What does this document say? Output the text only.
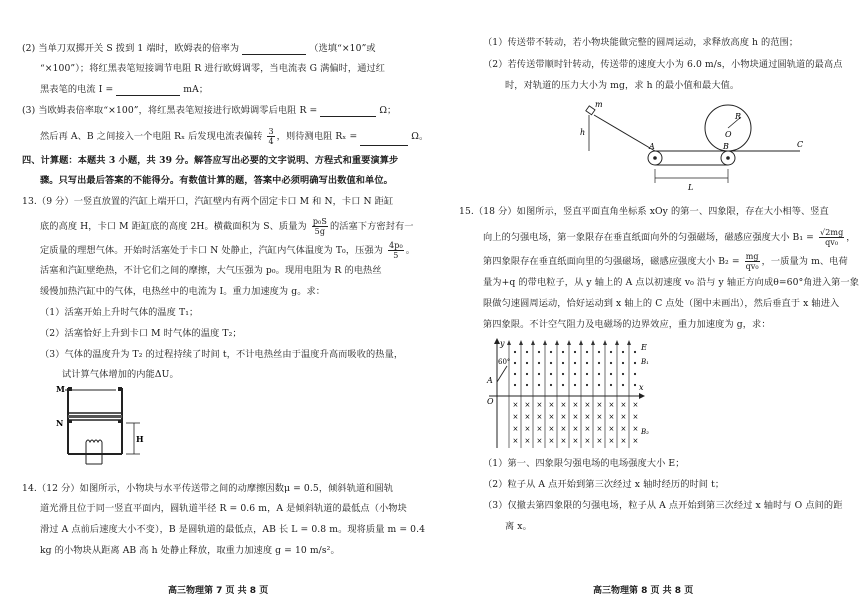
(2) 当单刀双掷开关 S 拨到 1 端时，欧姆表的倍率为	（选填“×10”或
“×100”）；将红黑表笔短接调节电阻 R 进行欧姆调零，当电流表 G 满偏时，通过红
黑表笔的电流 I =	mA；
(3) 当欧姆表倍率取“×100”，将红黑表笔短接进行欧姆调零后电阻 R =	Ω；
然后再 A、B 之间接入一个电阻 Rₓ 后发现电流表偏转 $\frac{3}{4}$ ，则待测电阻 Rₓ =	Ω。
四、计算题：本题共 3 小题，共 39 分。解答应写出必要的文字说明、方程式和重要演算步
骤。只写出最后答案的不能得分。有数值计算的题，答案中必须明确写出数值和单位。
13.（9 分）一竖直放置的汽缸上端开口，汽缸壁内有两个固定卡口 M 和 N，卡口 N 距缸
底的高度 H，卡口 M 距缸底的高度 2H。横截面积为 S、质量为 $\frac{\text{p₀S}}{5g}$ 的活塞下方密封有一
定质量的理想气体。开始时活塞处于卡口 N 处静止，汽缸内气体温度为 T₀，压强为 $\frac{\text{4p₀}}{5}$ 。
活塞和汽缸壁绝热，不计它们之间的摩擦，大气压强为 p₀。现用电阻为 R 的电热丝
缓慢加热汽缸中的气体，电热丝中的电流为 I。重力加速度为 g。求：
（1）活塞开始上升时气体的温度 T₁；
（2）活塞恰好上升到卡口 M 时气体的温度 T₂；
（3）气体的温度升为 T₂ 的过程持续了时间 t，不计电热丝由于温度升高而吸收的热量，
试计算气体增加的内能ΔU。
M
N
H
14.（12 分）如图所示，小物块与水平传送带之间的动摩擦因数μ = 0.5，倾斜轨道和圆轨
道光滑且位于同一竖直平面内，圆轨道半径 R = 0.6 m，A 是倾斜轨道的最低点（小物块
滑过 A 点前后速度大小不变），B 是圆轨道的最低点，AB 长 L = 0.8 m。现将质量 m = 0.4
kg 的小物块从距离 AB 高 h 处静止释放，取重力加速度 g = 10 m/s²。
高三物理第 7 页 共 8 页
（1）传送带不转动，若小物块能做完整的圆周运动，求释放高度 h 的范围；
（2）若传送带顺时针转动，传送带的速度大小为 6.0 m/s，小物块通过圆轨道的最高点
时，对轨道的压力大小为 mg，求 h 的最小值和最大值。
m
h
A	B	C
R
O
L
15.（18 分）如图所示，竖直平面直角坐标系 xOy 的第一、四象限，存在大小相等、竖直
向上的匀强电场，第一象限存在垂直纸面向外的匀强磁场，磁感应强度大小 $B_1 = \frac{√2mg}{\text{qv₀}}$ ，
第四象限存在垂直纸面向里的匀强磁场，磁感应强度大小 $B_2 = \frac{mg}{\text{qv₀}}$ ，一质量为 m、电荷
量为+q 的带电粒子，从 y 轴上的 A 点以初速度 v₀ 沿与 y 轴正方向成θ=60°角进入第一象
限做匀速圆周运动，恰好运动到 x 轴上的 C 点处（图中未画出），然后垂直于 x 轴进入
第四象限。不计空气阻力及电磁场的边界效应，重力加速度为 g，求：
y
x
O
A
60°
E
B₁
B₂
×
×
×
×
×
×
×
×
×
×
×
×
×
×
×
×
×
×
×
×
×
×
×
×
×
×
×
×
×
×
×
×
×
×
×
×
×
×
×
×
×
×
×
×
（1）第一、四象限匀强电场的电场强度大小 E；
（2）粒子从 A 点开始到第三次经过 x 轴时经历的时间 t；
（3）仅撤去第四象限的匀强电场，粒子从 A 点开始到第三次经过 x 轴时与 O 点间的距
离 x。
高三物理第 8 页 共 8 页
